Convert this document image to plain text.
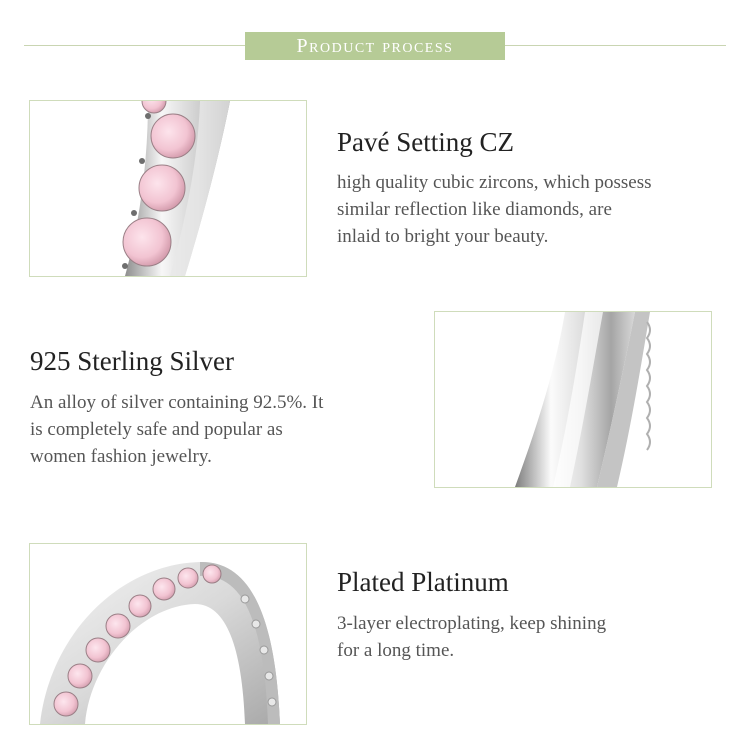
Product process
Pavé Setting CZ
high quality cubic zircons, which possess
similar reflection like diamonds, are
inlaid to bright your beauty.
925 Sterling Silver
An alloy of silver containing 92.5%. It
is completely safe and popular as
women fashion jewelry.
Plated Platinum
3-layer electroplating, keep shining
for a long time.
